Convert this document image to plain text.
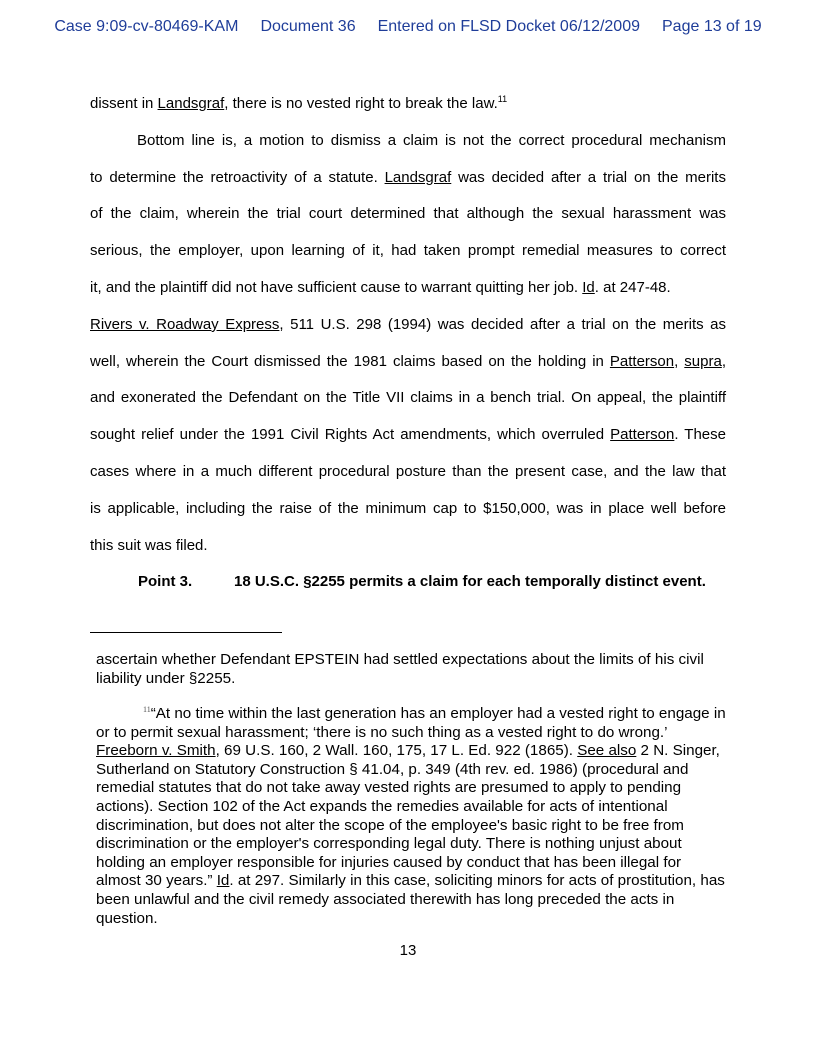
Case 9:09-cv-80469-KAM Document 36 Entered on FLSD Docket 06/12/2009 Page 13 of 19
dissent in Landsgraf, there is no vested right to break the law.$^{11}$
Bottom line is, a motion to dismiss a claim is not the correct procedural mechanism
to determine the retroactivity of a statute. Landsgraf was decided after a trial on the merits
of the claim, wherein the trial court determined that although the sexual harassment was
serious, the employer, upon learning of it, had taken prompt remedial measures to correct
it, and the plaintiff did not have sufficient cause to warrant quitting her job. Id. at 247-48.
Rivers v. Roadway Express, 511 U.S. 298 (1994) was decided after a trial on the merits as
well, wherein the Court dismissed the 1981 claims based on the holding in Patterson, supra,
and exonerated the Defendant on the Title VII claims in a bench trial. On appeal, the plaintiff
sought relief under the 1991 Civil Rights Act amendments, which overruled Patterson. These
cases where in a much different procedural posture than the present case, and the law that
is applicable, including the raise of the minimum cap to $150,000, was in place well before
this suit was filed.
Point 3.	18 U.S.C. §2255 permits a claim for each temporally distinct event.

ascertain whether Defendant EPSTEIN had settled expectations about the limits of his civil liability under §2255.

$^{11}$“At no time within the last generation has an employer had a vested right to engage in or to permit sexual harassment; ‘there is no such thing as a vested right to do wrong.’ Freeborn v. Smith, 69 U.S. 160, 2 Wall. 160, 175, 17 L. Ed. 922 (1865). See also 2 N. Singer, Sutherland on Statutory Construction § 41.04, p. 349 (4th rev. ed. 1986) (procedural and remedial statutes that do not take away vested rights are presumed to apply to pending actions). Section 102 of the Act expands the remedies available for acts of intentional discrimination, but does not alter the scope of the employee's basic right to be free from discrimination or the employer's corresponding legal duty. There is nothing unjust about holding an employer responsible for injuries caused by conduct that has been illegal for almost 30 years.” Id. at 297. Similarly in this case, soliciting minors for acts of prostitution, has been unlawful and the civil remedy associated therewith has long preceded the acts in question.

13
